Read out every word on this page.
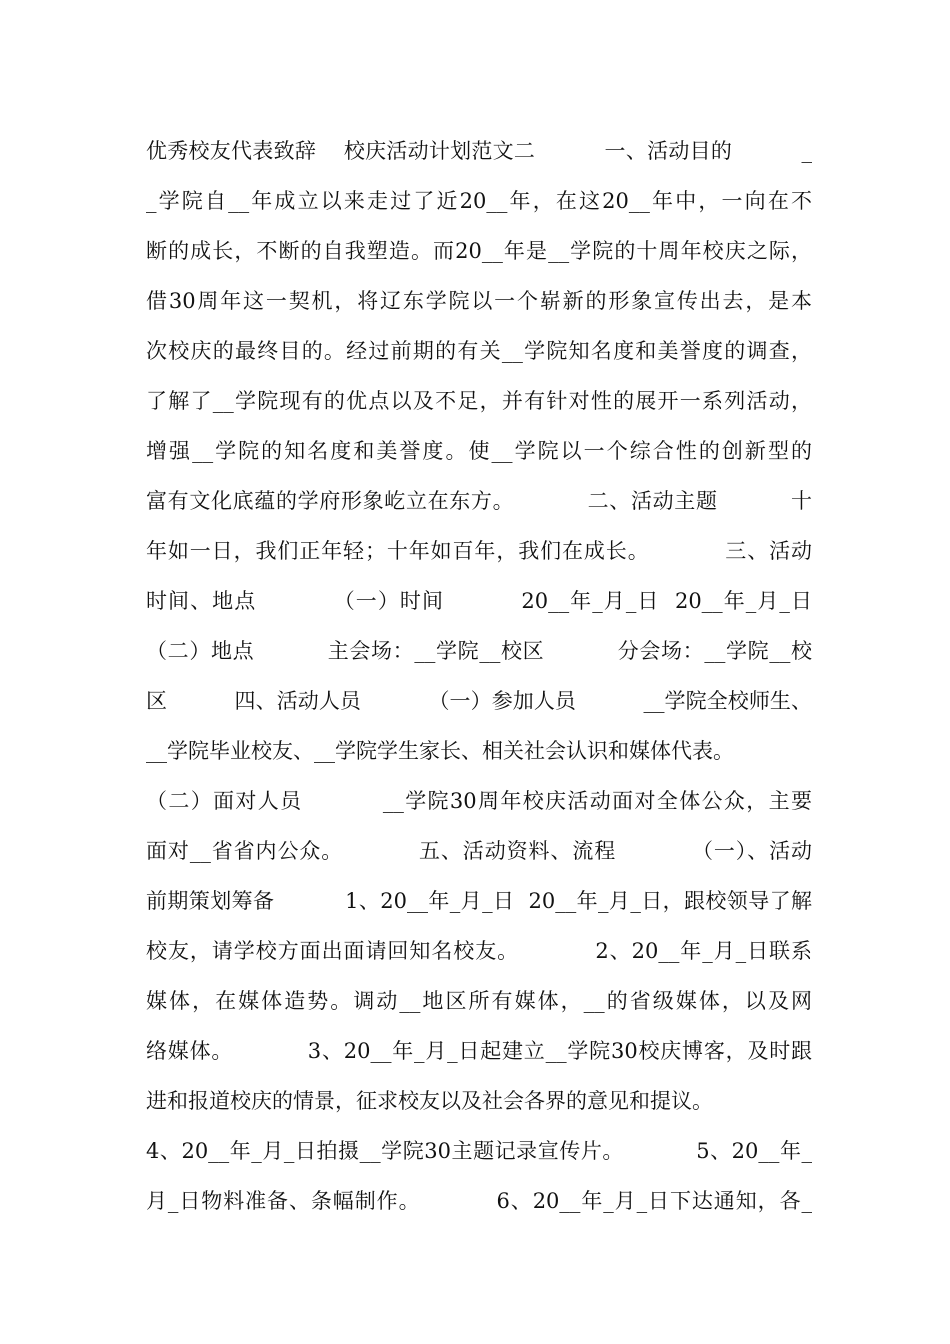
优秀校友代表致辞    校庆活动计划范文二          一、活动目的          _
_学院自__年成立以来走过了近20__年，在这20__年中，一向在不
断的成长，不断的自我塑造。而20__年是__学院的十周年校庆之际，
借30周年这一契机，将辽东学院以一个崭新的形象宣传出去，是本
次校庆的最终目的。经过前期的有关__学院知名度和美誉度的调查，
了解了__学院现有的优点以及不足，并有针对性的展开一系列活动，
增强__学院的知名度和美誉度。使__学院以一个综合性的创新型的
富有文化底蕴的学府形象屹立在东方。          二、活动主题          十
年如一日，我们正年轻；十年如百年，我们在成长。          三、活动
时间、地点          （一）时间          20__年_月_日  20__年_月_日
（二）地点          主会场：__学院__校区          分会场：__学院__校
区          四、活动人员          （一）参加人员          __学院全校师生、
__学院毕业校友、__学院学生家长、相关社会认识和媒体代表。
（二）面对人员          __学院30周年校庆活动面对全体公众，主要
面对__省省内公众。          五、活动资料、流程          （一）、活动
前期策划筹备          1、20__年_月_日  20__年_月_日，跟校领导了解
校友，请学校方面出面请回知名校友。          2、20__年_月_日联系
媒体，在媒体造势。调动__地区所有媒体，__的省级媒体，以及网
络媒体。          3、20__年_月_日起建立__学院30校庆博客，及时跟
进和报道校庆的情景，征求校友以及社会各界的意见和提议。
4、20__年_月_日拍摄__学院30主题记录宣传片。          5、20__年_
月_日物料准备、条幅制作。          6、20__年_月_日下达通知，各_
